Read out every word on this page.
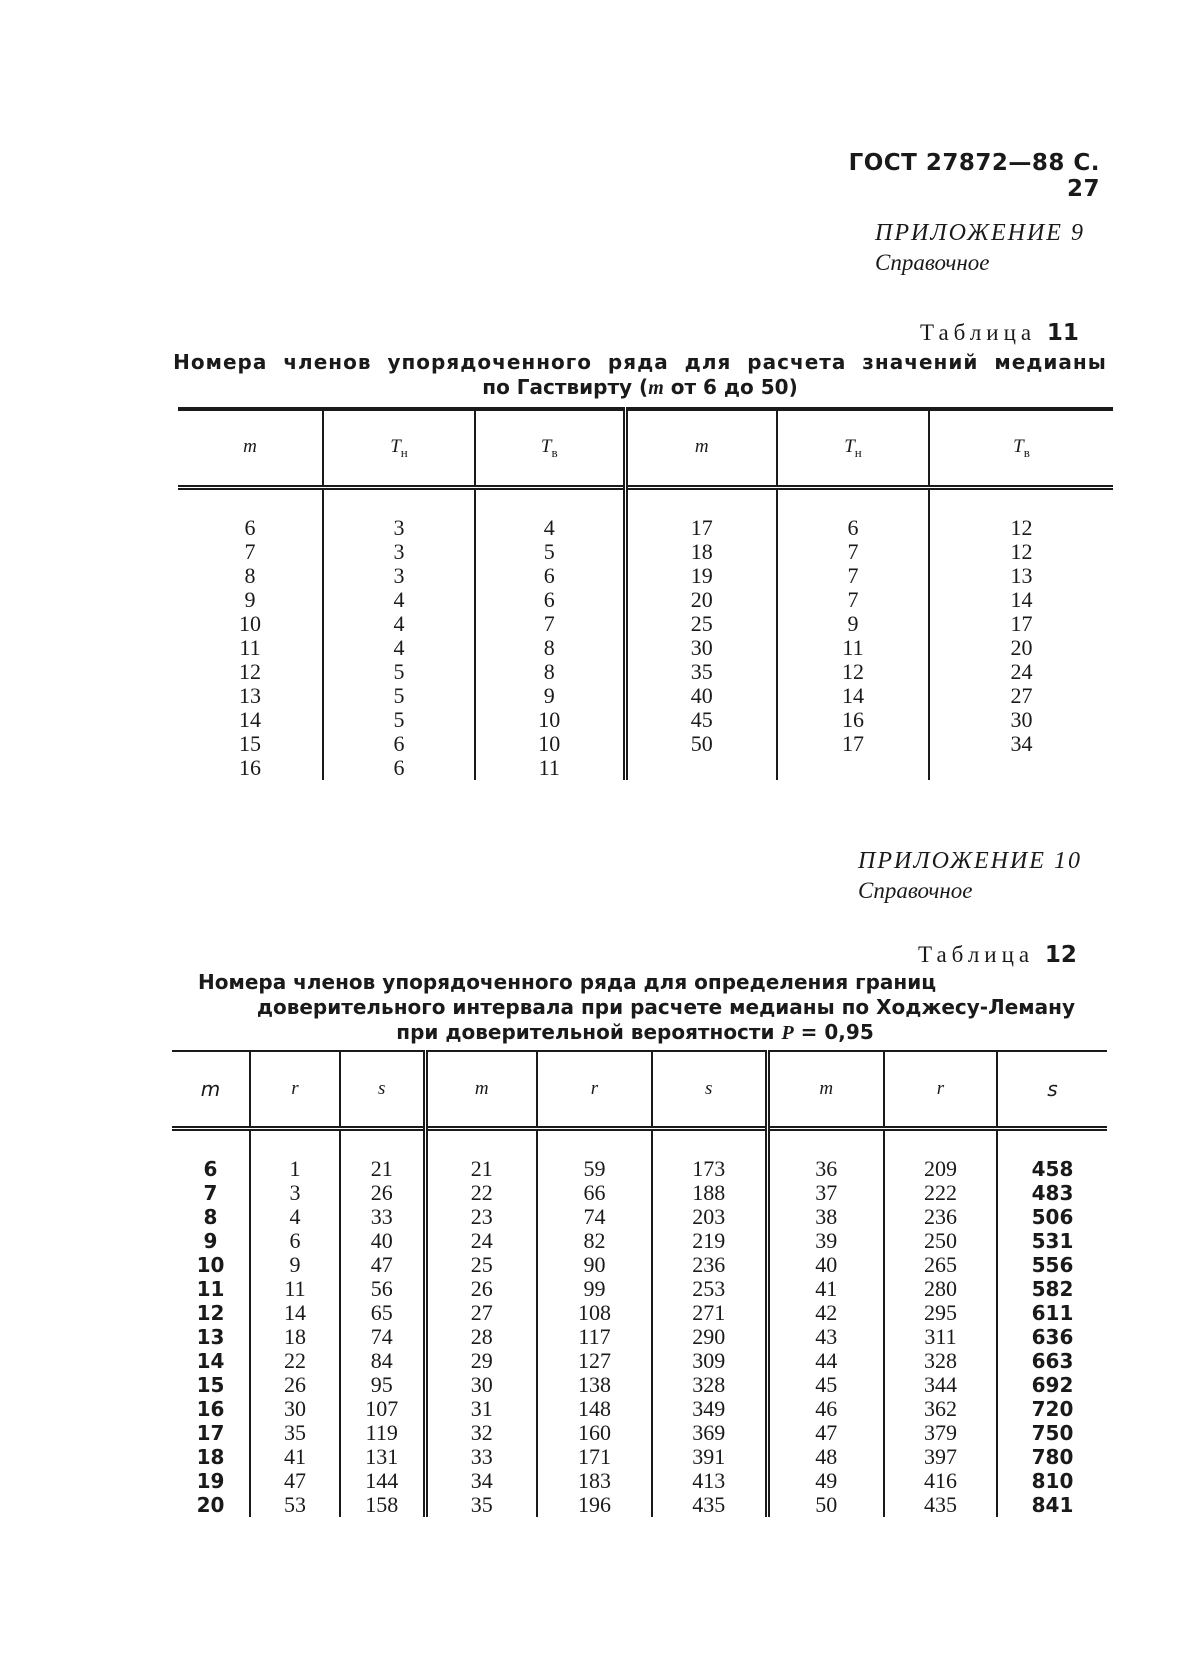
ГОСТ 27872—88 С. 27
ПРИЛОЖЕНИЕ 9
Справочное
Таблица 11
Номера членов упорядоченного ряда для расчета значений медианы
по Гаствирту (m от 6 до 50)
m	$T_н$	$T_в$	m	$T_н$	$T_в$

6	3	4	17	6	12
7	3	5	18	7	12
8	3	6	19	7	13
9	4	6	20	7	14
10	4	7	25	9	17
11	4	8	30	11	20
12	5	8	35	12	24
13	5	9	40	14	27
14	5	10	45	16	30
15	6	10	50	17	34
16	6	11			
ПРИЛОЖЕНИЕ 10
Справочное
Таблица 12
Номера членов упорядоченного ряда для определения границ
доверительного интервала при расчете медианы по Ходжесу-Леману
при доверительной вероятности P = 0,95
m	r	s	m	r	s	m	r	s

6	1	21	21	59	173	36	209	458
7	3	26	22	66	188	37	222	483
8	4	33	23	74	203	38	236	506
9	6	40	24	82	219	39	250	531
10	9	47	25	90	236	40	265	556
11	11	56	26	99	253	41	280	582
12	14	65	27	108	271	42	295	611
13	18	74	28	117	290	43	311	636
14	22	84	29	127	309	44	328	663
15	26	95	30	138	328	45	344	692
16	30	107	31	148	349	46	362	720
17	35	119	32	160	369	47	379	750
18	41	131	33	171	391	48	397	780
19	47	144	34	183	413	49	416	810
20	53	158	35	196	435	50	435	841
